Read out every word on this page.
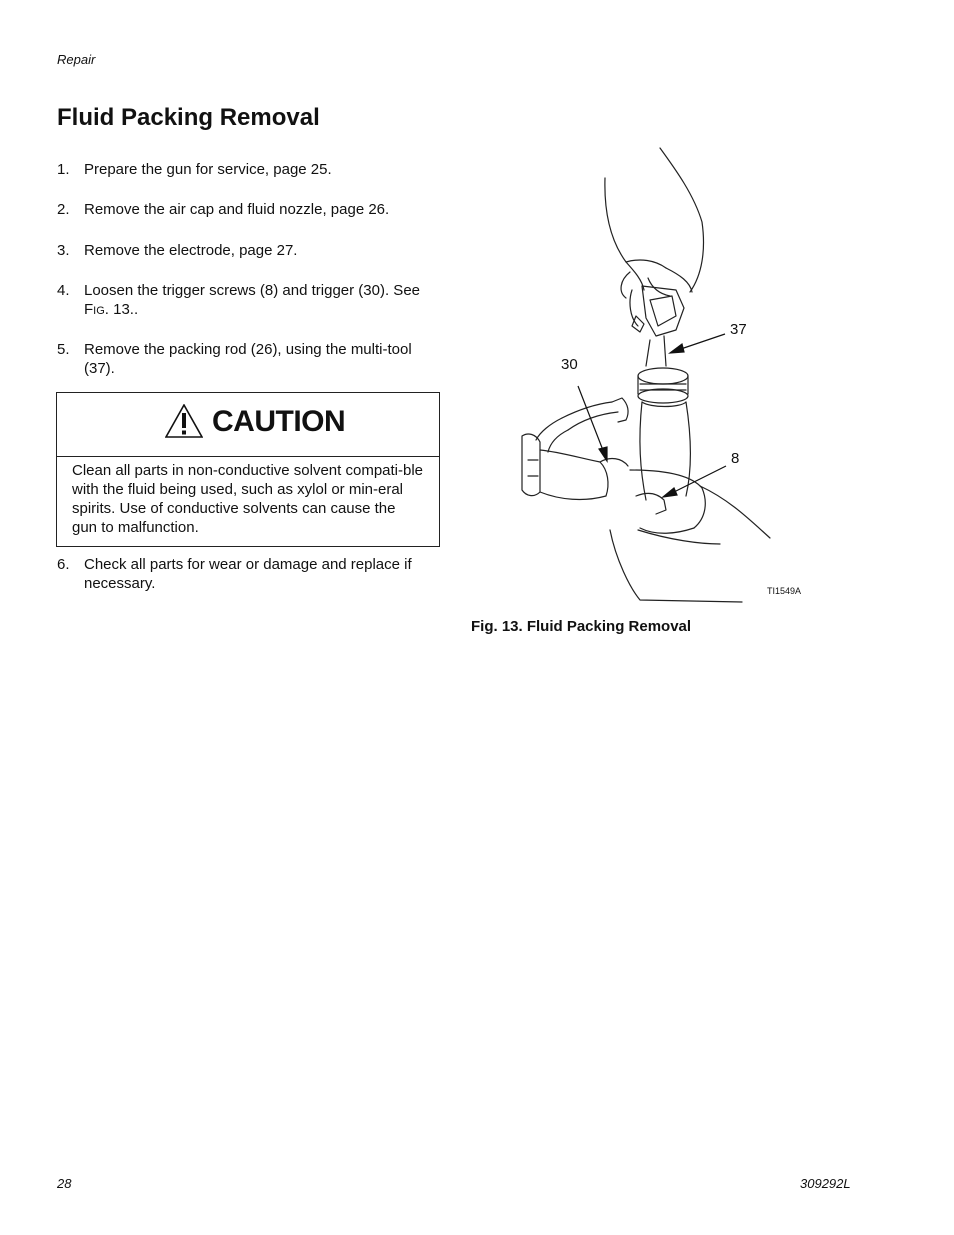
Repair
Fluid Packing Removal
1. Prepare the gun for service, page 25.
2. Remove the air cap and fluid nozzle, page 26.
3. Remove the electrode, page 27.
4. Loosen the trigger screws (8) and trigger (30). See Fig. 13..
5. Remove the packing rod (26), using the multi-tool (37).
CAUTION
Clean all parts in non-conductive solvent compati-ble with the fluid being used, such as xylol or min-eral spirits. Use of conductive solvents can cause the gun to malfunction.
6. Check all parts for wear or damage and replace if necessary.
37
30
8
TI1549A
Fig. 13. Fluid Packing Removal
28	309292L
